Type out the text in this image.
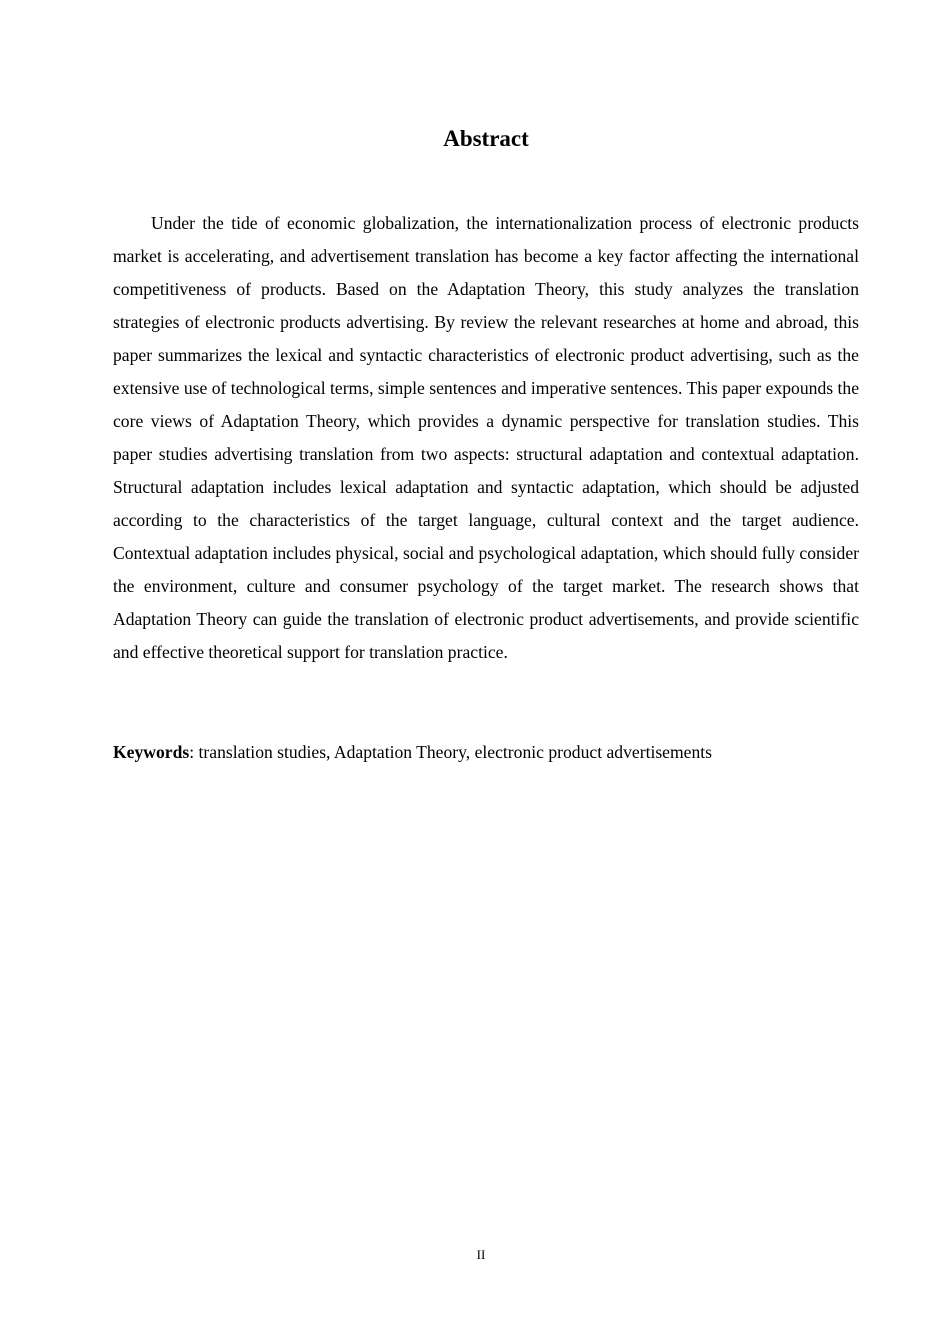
Abstract

Under the tide of economic globalization, the internationalization process of electronic products market is accelerating, and advertisement translation has become a key factor affecting the international competitiveness of products. Based on the Adaptation Theory, this study analyzes the translation strategies of electronic products advertising. By review the relevant researches at home and abroad, this paper summarizes the lexical and syntactic characteristics of electronic product advertising, such as the extensive use of technological terms, simple sentences and imperative sentences. This paper expounds the core views of Adaptation Theory, which provides a dynamic perspective for translation studies. This paper studies advertising translation from two aspects: structural adaptation and contextual adaptation. Structural adaptation includes lexical adaptation and syntactic adaptation, which should be adjusted according to the characteristics of the target language, cultural context and the target audience. Contextual adaptation includes physical, social and psychological adaptation, which should fully consider the environment, culture and consumer psychology of the target market. The research shows that Adaptation Theory can guide the translation of electronic product advertisements, and provide scientific and effective theoretical support for translation practice.

Keywords: translation studies, Adaptation Theory, electronic product advertisements

II
